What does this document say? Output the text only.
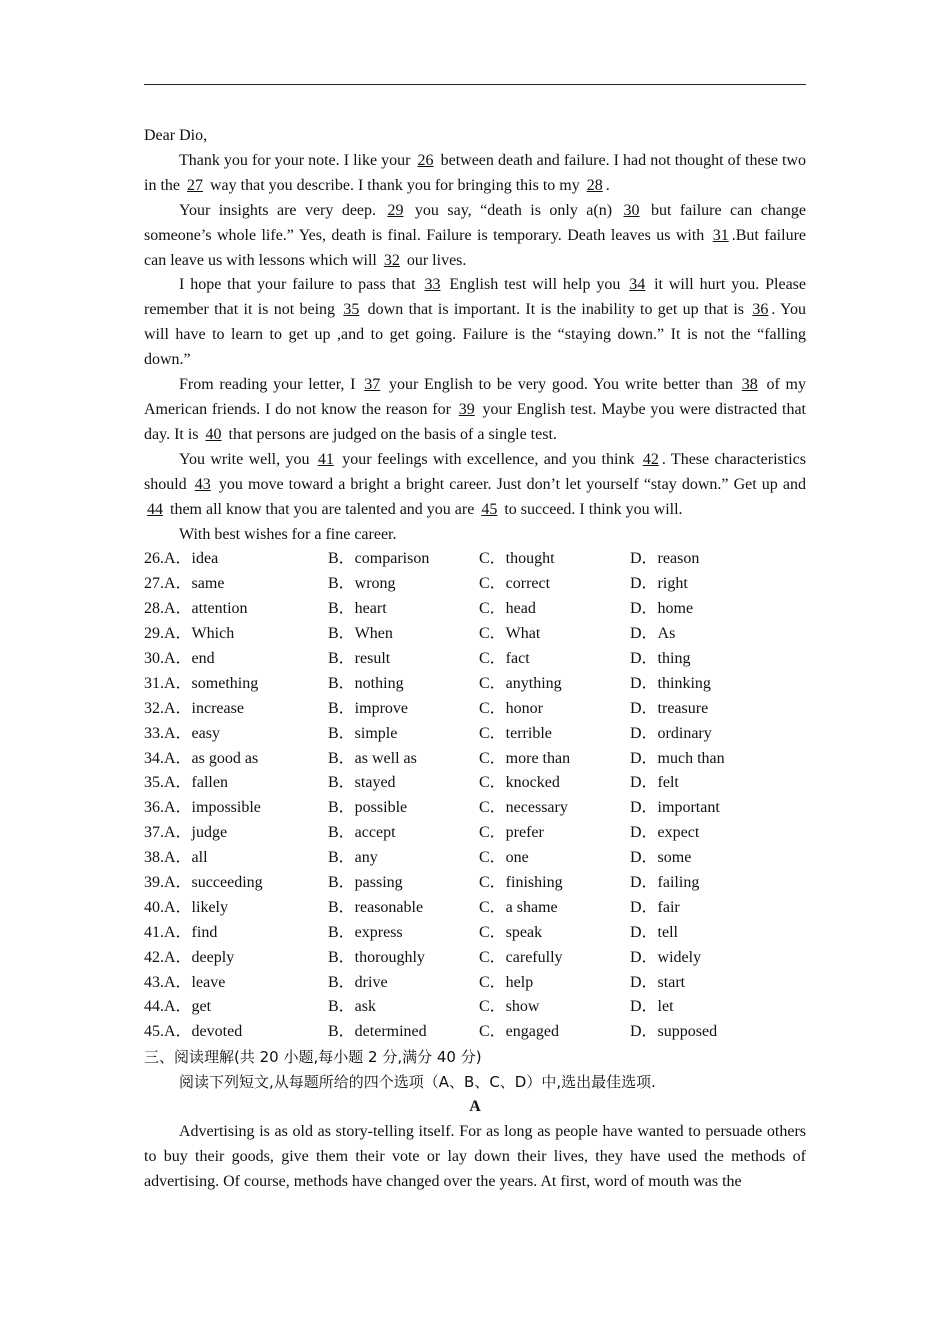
Dear Dio,

Thank you for your note. I like your 26 between death and failure. I had not thought of these two in the 27 way that you describe. I thank you for bringing this to my 28 .

Your insights are very deep. 29 you say, “death is only a(n) 30 but failure can change someone’s whole life.” Yes, death is final. Failure is temporary. Death leaves us with 31 .But failure can leave us with lessons which will 32 our lives.

I hope that your failure to pass that 33 English test will help you 34 it will hurt you. Please remember that it is not being 35 down that is important. It is the inability to get up that is 36 . You will have to learn to get up ,and to get going. Failure is the “staying down.” It is not the “falling down.”

From reading your letter, I 37 your English to be very good. You write better than 38 of my American friends. I do not know the reason for 39 your English test. Maybe you were distracted that day. It is 40 that persons are judged on the basis of a single test.

You write well, you 41 your feelings with excellence, and you think 42 . These characteristics should 43 you move toward a bright a bright career. Just don’t let yourself “stay down.” Get up and 44 them all know that you are talented and you are 45 to succeed. I think you will.

With best wishes for a fine career.

26.A．idea	B．comparison	C．thought	D．reason
27.A．same	B．wrong	C．correct	D．right
28.A．attention	B．heart	C．head	D．home
29.A．Which	B．When	C．What	D．As
30.A．end	B．result	C．fact	D．thing
31.A．something	B．nothing	C．anything	D．thinking
32.A．increase	B．improve	C．honor	D．treasure
33.A．easy	B．simple	C．terrible	D．ordinary
34.A．as good as	B．as well as	C．more than	D．much than
35.A．fallen	B．stayed	C．knocked	D．felt
36.A．impossible	B．possible	C．necessary	D．important
37.A．judge	B．accept	C．prefer	D．expect
38.A．all	B．any	C．one	D．some
39.A．succeeding	B．passing	C．finishing	D．failing
40.A．likely	B．reasonable	C．a shame	D．fair
41.A．find	B．express	C．speak	D．tell
42.A．deeply	B．thoroughly	C．carefully	D．widely
43.A．leave	B．drive	C．help	D．start
44.A．get	B．ask	C．show	D．let
45.A．devoted	B．determined	C．engaged	D．supposed

三、阅读理解(共 20 小题,每小题 2 分,满分 40 分)

阅读下列短文,从每题所给的四个选项（A、B、C、D）中,选出最佳选项.

A

Advertising is as old as story-telling itself. For as long as people have wanted to persuade others to buy their goods, give them their vote or lay down their lives, they have used the methods of advertising. Of course, methods have changed over the years. At first, word of mouth was the
